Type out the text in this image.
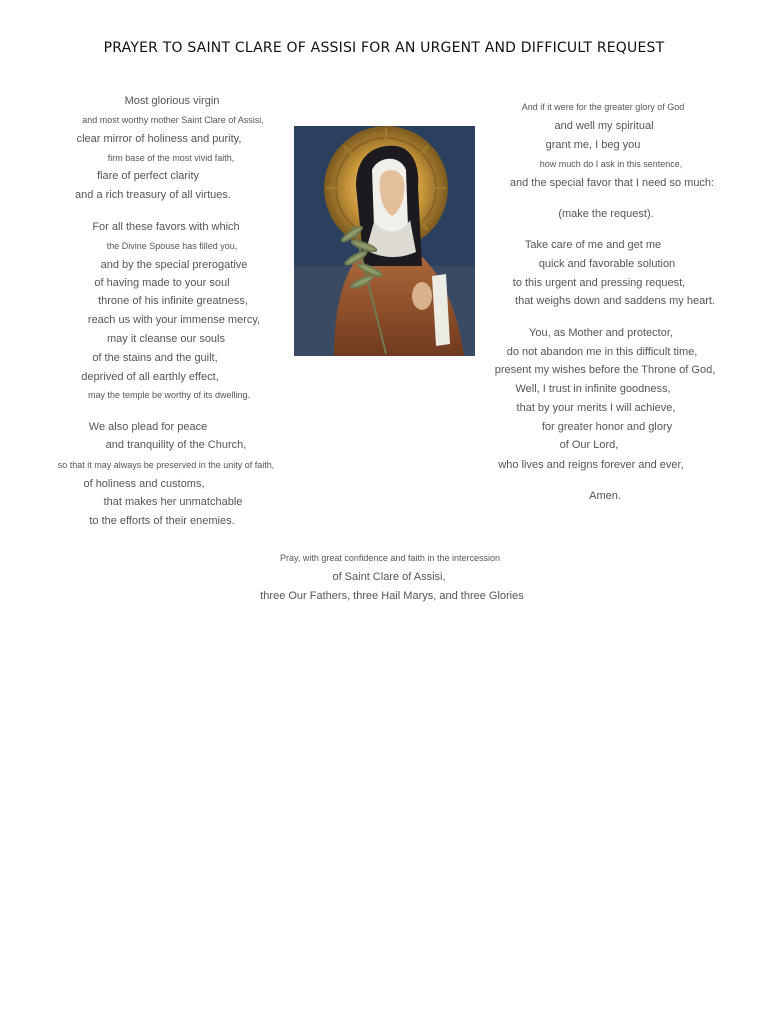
PRAYER TO SAINT CLARE OF ASSISI FOR AN URGENT AND DIFFICULT REQUEST
Most glorious virgin
and most worthy mother Saint Clare of Assisi,
clear mirror of holiness and purity,
firm base of the most vivid faith,
flare of perfect clarity
and a rich treasury of all virtues.
For all these favors with which
the Divine Spouse has filled you,
and by the special prerogative
of having made to your soul
throne of his infinite greatness,
reach us with your immense mercy,
may it cleanse our souls
of the stains and the guilt,
deprived of all earthly effect,
may the temple be worthy of its dwelling.
We also plead for peace
and tranquility of the Church,
so that it may always be preserved in the unity of faith,
of holiness and customs,
that makes her unmatchable
to the efforts of their enemies.
And if it were for the greater glory of God
and well my spiritual
grant me, I beg you
how much do I ask in this sentence,
and the special favor that I need so much:
(make the request).
Take care of me and get me
quick and favorable solution
to this urgent and pressing request,
that weighs down and saddens my heart.
You, as Mother and protector,
do not abandon me in this difficult time,
present my wishes before the Throne of God,
Well, I trust in infinite goodness,
that by your merits I will achieve,
for greater honor and glory
of Our Lord,
who lives and reigns forever and ever,
Amen.
Pray, with great confidence and faith in the intercession
of Saint Clare of Assisi,
three Our Fathers, three Hail Marys, and three Glories
